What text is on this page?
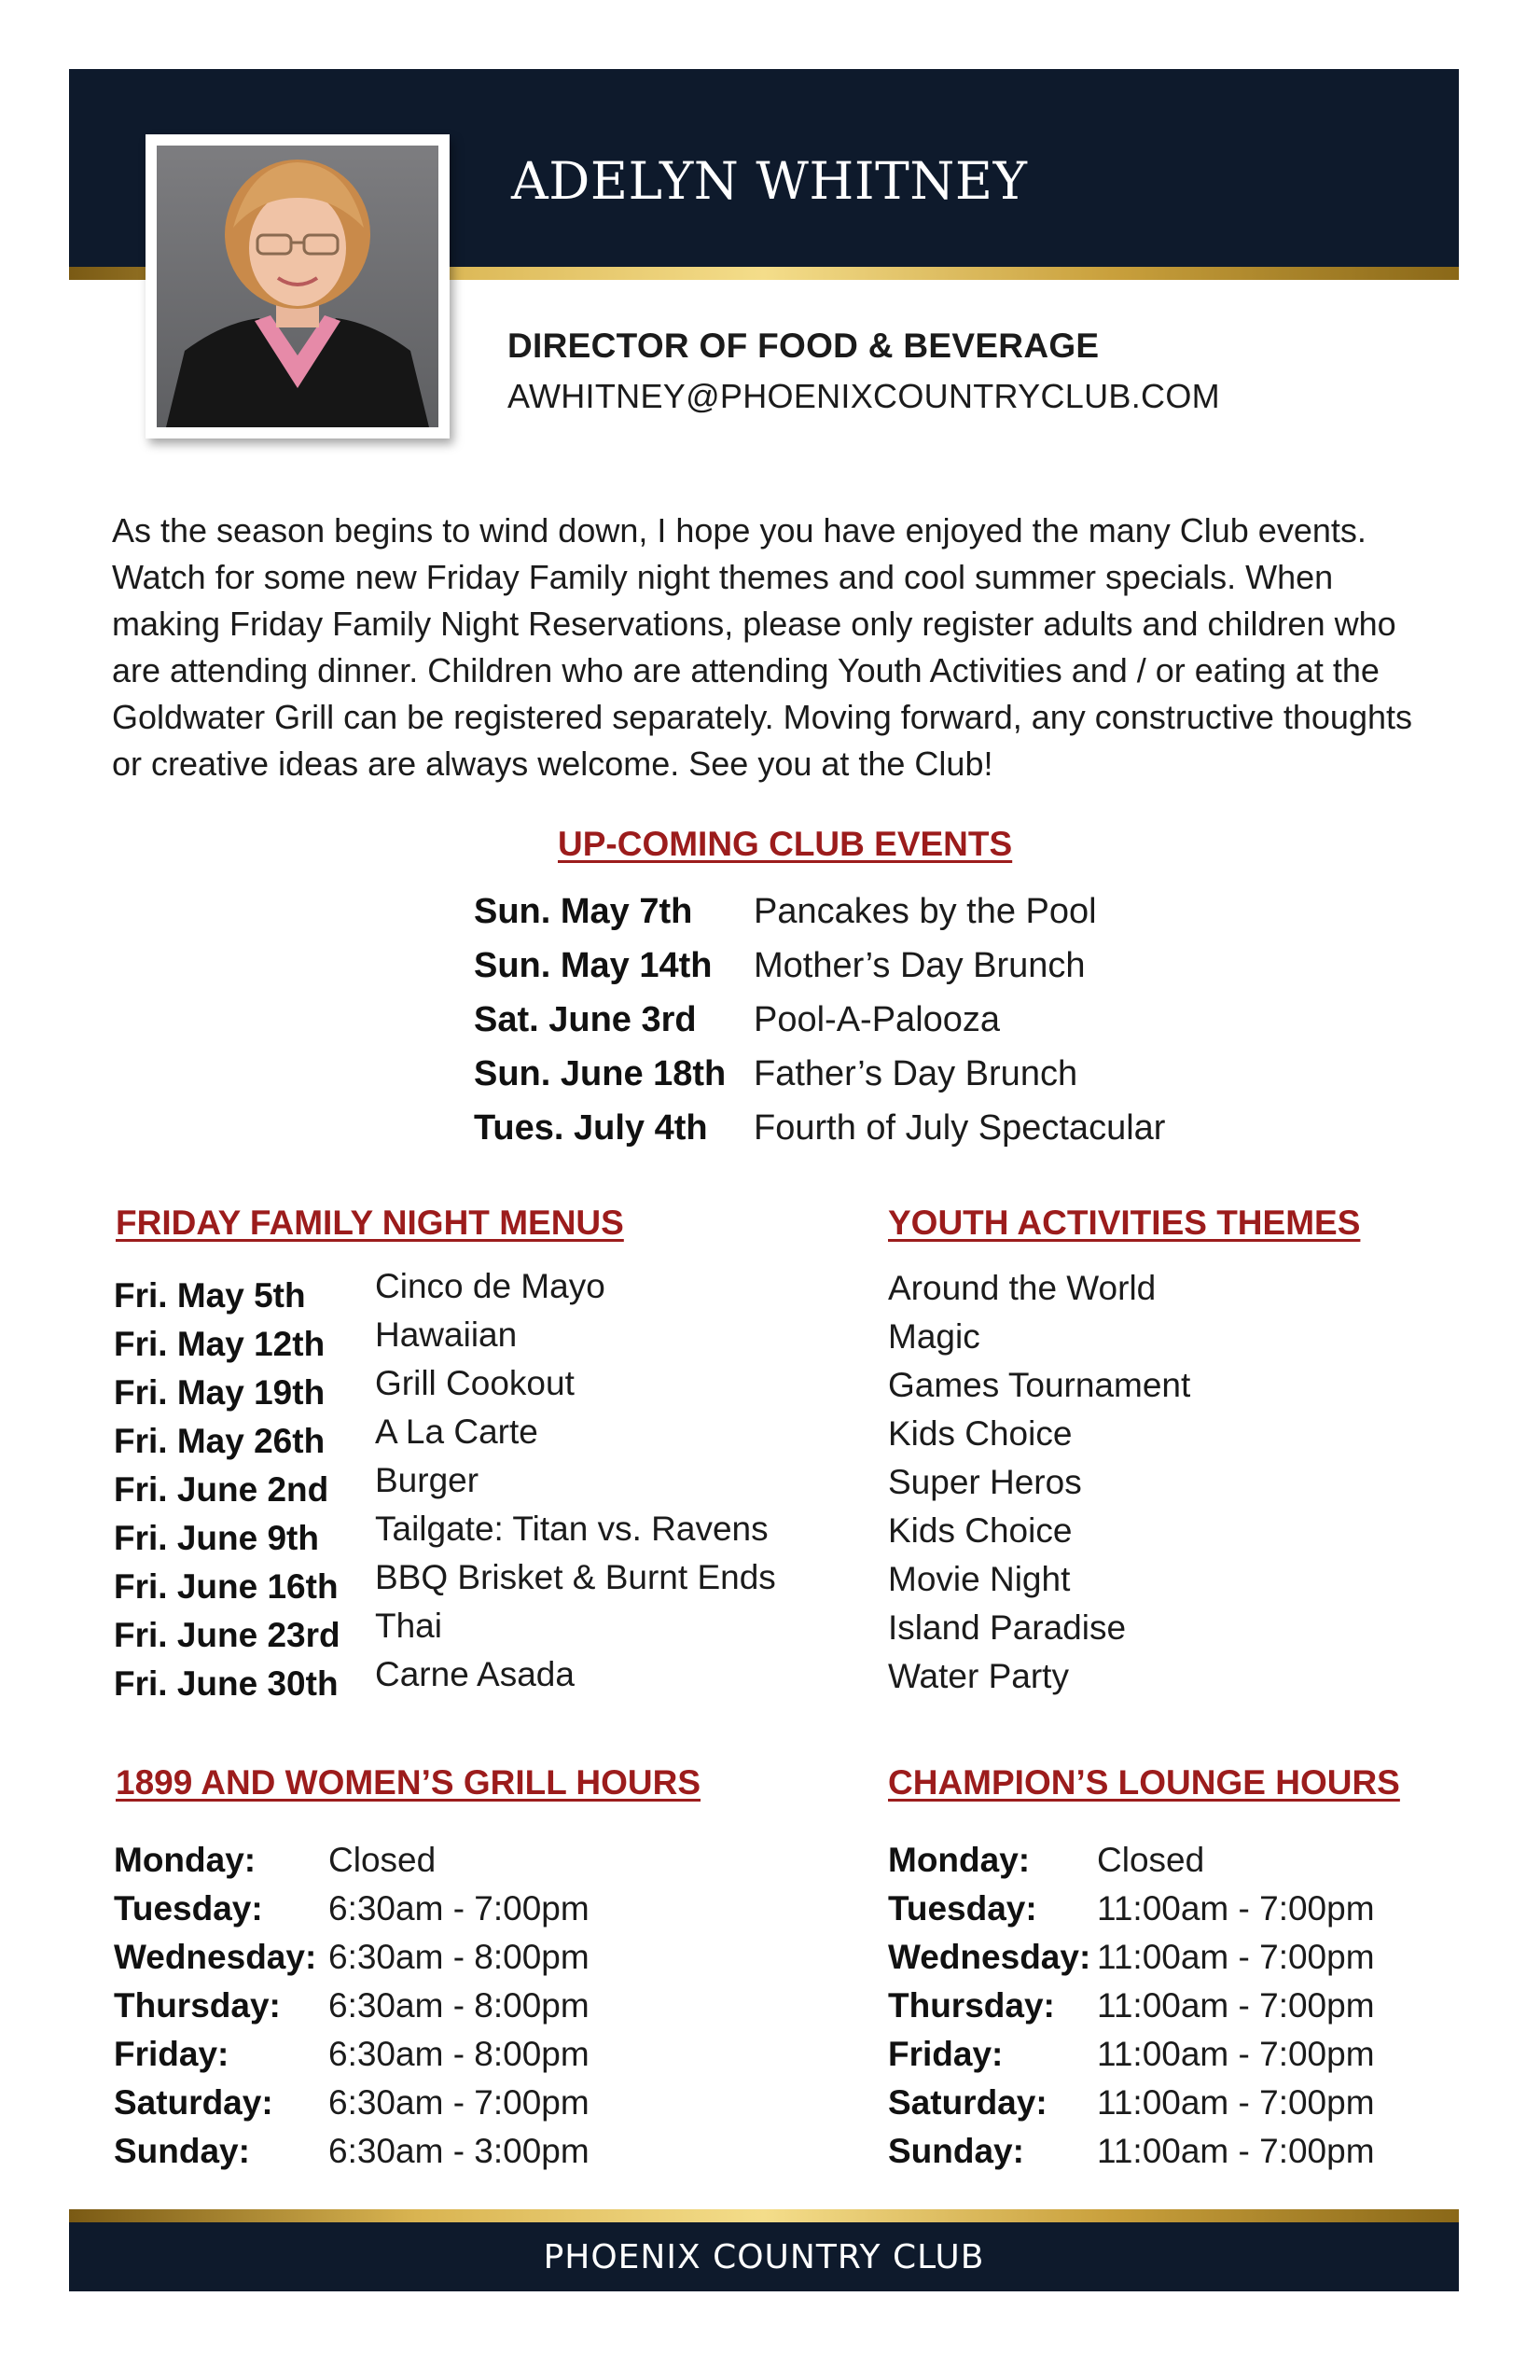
ADELYN WHITNEY
DIRECTOR OF FOOD & BEVERAGE
AWHITNEY@PHOENIXCOUNTRYCLUB.COM

As the season begins to wind down, I hope you have enjoyed the many Club events. Watch for some new Friday Family night themes and cool summer specials. When making Friday Family Night Reservations, please only register adults and children who are attending dinner. Children who are attending Youth Activities and / or eating at the Goldwater Grill can be registered separately. Moving forward, any constructive thoughts or creative ideas are always welcome. See you at the Club!

UP-COMING CLUB EVENTS
Sun. May 7th	Pancakes by the Pool
Sun. May 14th	Mother’s Day Brunch
Sat. June 3rd	Pool-A-Palooza
Sun. June 18th Father’s Day Brunch
Tues. July 4th	Fourth of July Spectacular
FRIDAY FAMILY NIGHT MENUS
Fri. May 5th	Cinco de Mayo
Fri. May 12th	Hawaiian
Fri. May 19th	Grill Cookout
Fri. May 26th	A La Carte
Fri. June 2nd	Burger
Fri. June 9th	Tailgate: Titan vs. Ravens
Fri. June 16th	BBQ Brisket & Burnt Ends
Fri. June 23rd	Thai
Fri. June 30th	Carne Asada
YOUTH ACTIVITIES THEMES
Around the World
Magic
Games Tournament
Kids Choice
Super Heros
Kids Choice
Movie Night
Island Paradise
Water Party
1899 AND WOMEN’S GRILL HOURS
Monday:	Closed
Tuesday:	6:30am - 7:00pm
Wednesday: 6:30am - 8:00pm
Thursday:	6:30am - 8:00pm
Friday:	6:30am - 8:00pm
Saturday:	6:30am - 7:00pm
Sunday:	6:30am - 3:00pm
CHAMPION’S LOUNGE HOURS
Monday:	Closed
Tuesday:	11:00am - 7:00pm
Wednesday: 11:00am - 7:00pm
Thursday:	11:00am - 7:00pm
Friday:	11:00am - 7:00pm
Saturday:	11:00am - 7:00pm
Sunday:	11:00am - 7:00pm
PHOENIX COUNTRY CLUB
